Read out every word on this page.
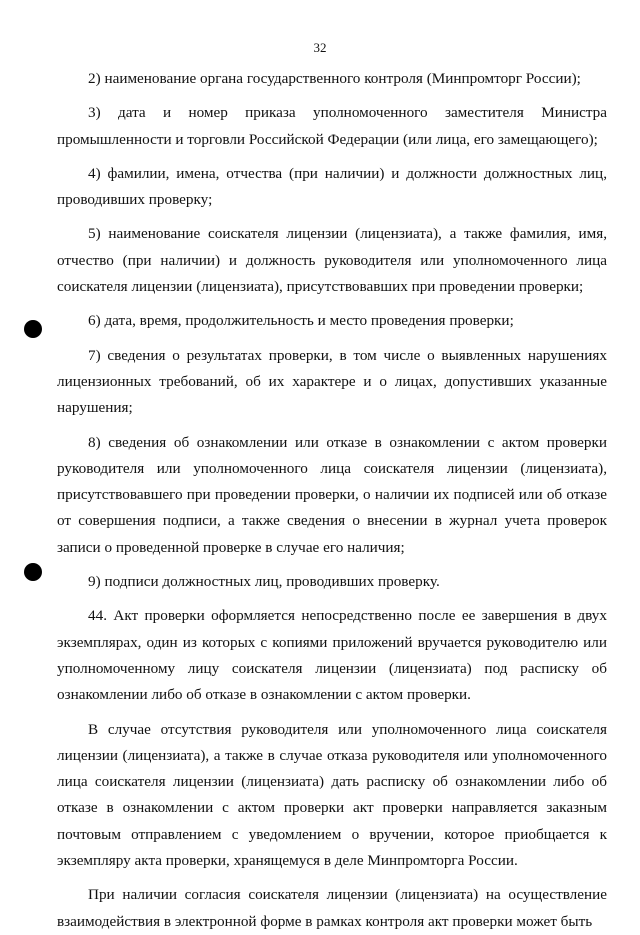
32

2) наименование органа государственного контроля (Минпромторг России);

3) дата и номер приказа уполномоченного заместителя Министра промышленности и торговли Российской Федерации (или лица, его замещающего);

4) фамилии, имена, отчества (при наличии) и должности должностных лиц, проводивших проверку;

5) наименование соискателя лицензии (лицензиата), а также фамилия, имя, отчество (при наличии) и должность руководителя или уполномоченного лица соискателя лицензии (лицензиата), присутствовавших при проведении проверки;

6) дата, время, продолжительность и место проведения проверки;

7) сведения о результатах проверки, в том числе о выявленных нарушениях лицензионных требований, об их характере и о лицах, допустивших указанные нарушения;

8) сведения об ознакомлении или отказе в ознакомлении с актом проверки руководителя или уполномоченного лица соискателя лицензии (лицензиата), присутствовавшего при проведении проверки, о наличии их подписей или об отказе от совершения подписи, а также сведения о внесении в журнал учета проверок записи о проведенной проверке в случае его наличия;

9) подписи должностных лиц, проводивших проверку.

44. Акт проверки оформляется непосредственно после ее завершения в двух экземплярах, один из которых с копиями приложений вручается руководителю или уполномоченному лицу соискателя лицензии (лицензиата) под расписку об ознакомлении либо об отказе в ознакомлении с актом проверки.

В случае отсутствия руководителя или уполномоченного лица соискателя лицензии (лицензиата), а также в случае отказа руководителя или уполномоченного лица соискателя лицензии (лицензиата) дать расписку об ознакомлении либо об отказе в ознакомлении с актом проверки акт проверки направляется заказным почтовым отправлением с уведомлением о вручении, которое приобщается к экземпляру акта проверки, хранящемуся в деле Минпромторга России.

При наличии согласия соискателя лицензии (лицензиата) на осуществление взаимодействия в электронной форме в рамках контроля акт проверки может быть
